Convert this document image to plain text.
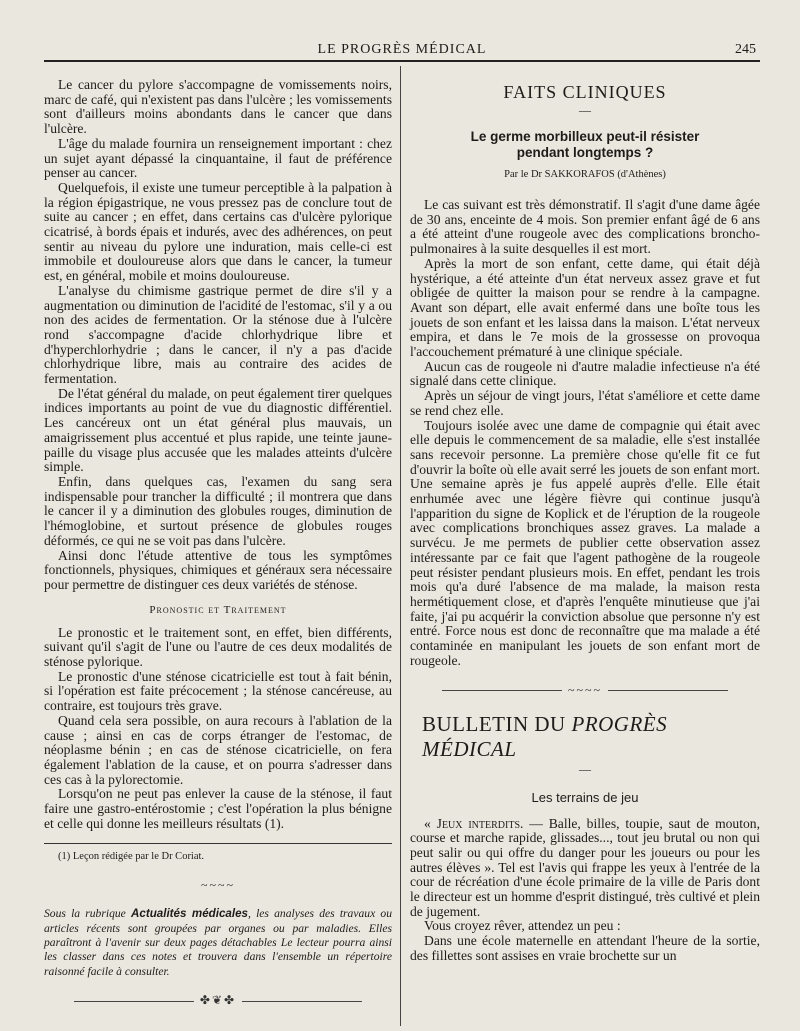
LE PROGRÈS MÉDICAL	245

Le cancer du pylore s'accompagne de vomissements noirs, marc de café, qui n'existent pas dans l'ulcère ; les vomissements sont d'ailleurs moins abondants dans le cancer que dans l'ulcère.

L'âge du malade fournira un renseignement important : chez un sujet ayant dépassé la cinquantaine, il faut de préférence penser au cancer.

Quelquefois, il existe une tumeur perceptible à la palpation à la région épigastrique, ne vous pressez pas de conclure tout de suite au cancer ; en effet, dans certains cas d'ulcère pylorique cicatrisé, à bords épais et indurés, avec des adhérences, on peut sentir au niveau du pylore une induration, mais celle-ci est immobile et douloureuse alors que dans le cancer, la tumeur est, en général, mobile et moins douloureuse.

L'analyse du chimisme gastrique permet de dire s'il y a augmentation ou diminution de l'acidité de l'estomac, s'il y a ou non des acides de fermentation. Or la sténose due à l'ulcère rond s'accompagne d'acide chlorhydrique libre et d'hyperchlorhydrie ; dans le cancer, il n'y a pas d'acide chlorhydrique libre, mais au contraire des acides de fermentation.

De l'état général du malade, on peut également tirer quelques indices importants au point de vue du diagnostic différentiel. Les cancéreux ont un état général plus mauvais, un amaigrissement plus accentué et plus rapide, une teinte jaune-paille du visage plus accusée que les malades atteints d'ulcère simple.

Enfin, dans quelques cas, l'examen du sang sera indispensable pour trancher la difficulté ; il montrera que dans le cancer il y a diminution des globules rouges, diminution de l'hémoglobine, et surtout présence de globules rouges déformés, ce qui ne se voit pas dans l'ulcère.

Ainsi donc l'étude attentive de tous les symptômes fonctionnels, physiques, chimiques et généraux sera nécessaire pour permettre de distinguer ces deux variétés de sténose.

Pronostic et Traitement

Le pronostic et le traitement sont, en effet, bien différents, suivant qu'il s'agit de l'une ou l'autre de ces deux modalités de sténose pylorique.

Le pronostic d'une sténose cicatricielle est tout à fait bénin, si l'opération est faite précocement ; la sténose cancéreuse, au contraire, est toujours très grave.

Quand cela sera possible, on aura recours à l'ablation de la cause ; ainsi en cas de corps étranger de l'estomac, de néoplasme bénin ; en cas de sténose cicatricielle, on fera également l'ablation de la cause, et on pourra s'adresser dans ces cas à la pylorectomie.

Lorsqu'on ne peut pas enlever la cause de la sténose, il faut faire une gastro-entérostomie ; c'est l'opération la plus bénigne et celle qui donne les meilleurs résultats (1).

(1) Leçon rédigée par le Dr Coriat.
~~~~
Sous la rubrique Actualités médicales, les analyses des travaux ou articles récents sont groupées par organes ou par maladies. Elles paraîtront à l'avenir sur deux pages détachables Le lecteur pourra ainsi les classer dans ces notes et trouvera dans l'ensemble un répertoire raisonné facile à consulter.
✤❦✤
FAITS CLINIQUES
—
Le germe morbilleux peut-il résister
pendant longtemps ?
Par le Dr SAKKORAFOS (d'Athènes)

Le cas suivant est très démonstratif. Il s'agit d'une dame âgée de 30 ans, enceinte de 4 mois. Son premier enfant âgé de 6 ans a été atteint d'une rougeole avec des complications broncho-pulmonaires à la suite desquelles il est mort.

Après la mort de son enfant, cette dame, qui était déjà hystérique, a été atteinte d'un état nerveux assez grave et fut obligée de quitter la maison pour se rendre à la campagne. Avant son départ, elle avait enfermé dans une boîte tous les jouets de son enfant et les laissa dans la maison. L'état nerveux empira, et dans le 7e mois de la grossesse on provoqua l'accouchement prématuré à une clinique spéciale.

Aucun cas de rougeole ni d'autre maladie infectieuse n'a été signalé dans cette clinique.

Après un séjour de vingt jours, l'état s'améliore et cette dame se rend chez elle.

Toujours isolée avec une dame de compagnie qui était avec elle depuis le commencement de sa maladie, elle s'est installée sans recevoir personne. La première chose qu'elle fit ce fut d'ouvrir la boîte où elle avait serré les jouets de son enfant mort. Une semaine après je fus appelé auprès d'elle. Elle était enrhumée avec une légère fièvre qui continue jusqu'à l'apparition du signe de Koplick et de l'éruption de la rougeole avec complications bronchiques assez graves. La malade a survécu. Je me permets de publier cette observation assez intéressante par ce fait que l'agent pathogène de la rougeole peut résister pendant plusieurs mois. En effet, pendant les trois mois qu'a duré l'absence de ma malade, la maison resta hermétiquement close, et d'après l'enquête minutieuse que j'ai faite, j'ai pu acquérir la conviction absolue que personne n'y est entré. Force nous est donc de reconnaître que ma malade a été contaminée en manipulant les jouets de son enfant mort de rougeole.

~~~~
BULLETIN DU PROGRÈS MÉDICAL
—
Les terrains de jeu

« Jeux interdits. — Balle, billes, toupie, saut de mouton, course et marche rapide, glissades..., tout jeu brutal ou non qui peut salir ou qui offre du danger pour les joueurs ou pour les autres élèves ». Tel est l'avis qui frappe les yeux à l'entrée de la cour de récréation d'une école primaire de la ville de Paris dont le directeur est un homme d'esprit distingué, très cultivé et plein de jugement.

Vous croyez rêver, attendez un peu :

Dans une école maternelle en attendant l'heure de la sortie, des fillettes sont assises en vraie brochette sur un
